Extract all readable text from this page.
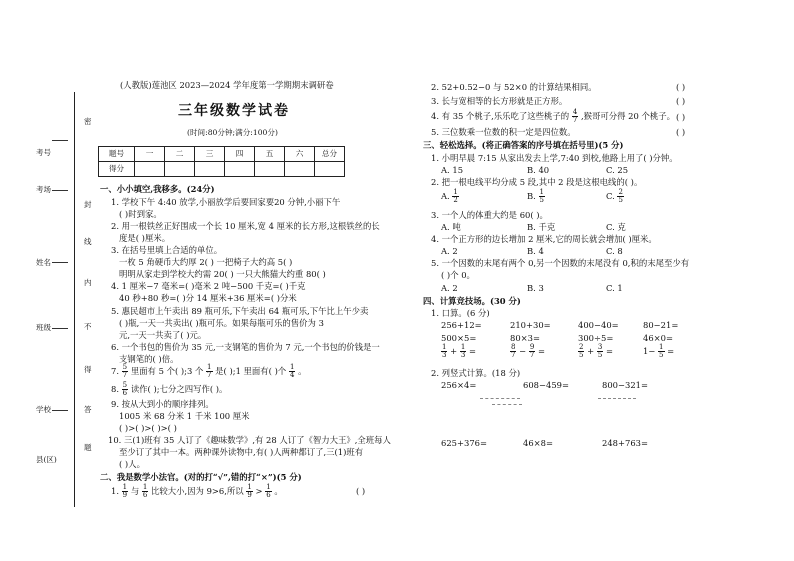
考号
考场
姓名
班级
学校
县(区)
密
封
线
内
不
得
答
题
(人教版)莲池区 2023—2024 学年度第一学期期末调研卷
三年级数学试卷
(时间:80分钟;满分:100分)
题号	一	二	三	四	五	六	总分
得分							
一、小小填空,我移多。(24分)
1. 学校下午 4:40 放学,小丽放学后要回家要20 分钟,小丽下午
( )时到家。
2. 用一根铁丝正好围成一个长 10 厘米,宽 4 厘米的长方形,这根铁丝的长
度是( )厘米。
3. 在括号里填上合适的单位。
一枚 5 角硬币大约厚 2( ) 一把椅子大约高 5( )
明明从家走到学校大约需 20( ) 一只大熊猫大约重 80( )
4. 1 厘米−7 毫米=( )毫米 2 吨−500 千克=( )千克
40 秒+80 秒=( )分 14 厘米+36 厘米=( )分米
5. 惠民超市上午卖出 89 瓶可乐,下午卖出 64 瓶可乐,下午比上午少卖
( )瓶,一天一共卖出( )瓶可乐。如果每瓶可乐的售价为 3
元,一天一共卖了( )元。
6. 一个书包的售价为 35 元,一支钢笔的售价为 7 元,一个书包的价钱是一
支钢笔的( )倍。
7. $\frac{5}{7}$ 里面有 5 个( );3 个 $\frac{1}{7}$ 是( );1 里面有( )个 $\frac{1}{4}$ 。
8. $\frac{5}{6}$ 读作( );七分之四写作( )。
9. 按从大到小的顺序排列。
1005 米 68 分米 1 千米 100 厘米
( )>( )>( )>( )
10. 三(1)班有 35 人订了《趣味数学》,有 28 人订了《智力大王》,全班每人
至少订了其中一本。两种课外读物中,有( )人两种都订了,三(1)班有
( )人。
二、我是数学小法官。(对的打“√”,错的打“×”)(5 分)
1. $\frac{1}{9}$ 与 $\frac{1}{6}$ 比较大小,因为 9>6,所以 $\frac{1}{9} > \frac{1}{6}$ 。	( )
2. 52+0.52−0 与 52×0 的计算结果相同。	( )
3. 长与宽相等的长方形就是正方形。	( )
4. 有 35 个桃子,乐乐吃了这些桃子的 $\frac{4}{7}$ ,猴哥可分得 20 个桃子。 ( )
5. 三位数乘一位数的积一定是四位数。	( )
三、轻松选择。(将正确答案的序号填在括号里)(5 分)
1. 小明早晨 7:15 从家出发去上学,7:40 到校,他路上用了( )分钟。
A. 15	B. 40	C. 25
2. 把一根电线平均分成 5 段,其中 2 段是这根电线的( )。
A. $\frac{1}{2}$	B. $\frac{1}{5}$	C. $\frac{2}{5}$
3. 一个人的体重大约是 60( )。
A. 吨	B. 千克	C. 克
4. 一个正方形的边长增加 2 厘米,它的周长就会增加( )厘米。
A. 2	B. 4	C. 8
5. 一个因数的末尾有两个 0,另一个因数的末尾没有 0,积的末尾至少有
( )个 0。
A. 2	B. 3	C. 1
四、计算竞技场。(30 分)
1. 口算。(6 分)
256+12=	210+30=	400−40=	80−21=
500×5=	80×3=	300÷5=	46×0=
$\frac{1}{3} + \frac{1}{3}$ =	$\frac{8}{7} - \frac{9}{7}$ =	$\frac{2}{5} + \frac{3}{5}$ =	$1- \frac{1}{5}$ =
2. 列竖式计算。(18 分)
256×4=	608−459=	800−321=
625+376=	46×8=	248+763=
